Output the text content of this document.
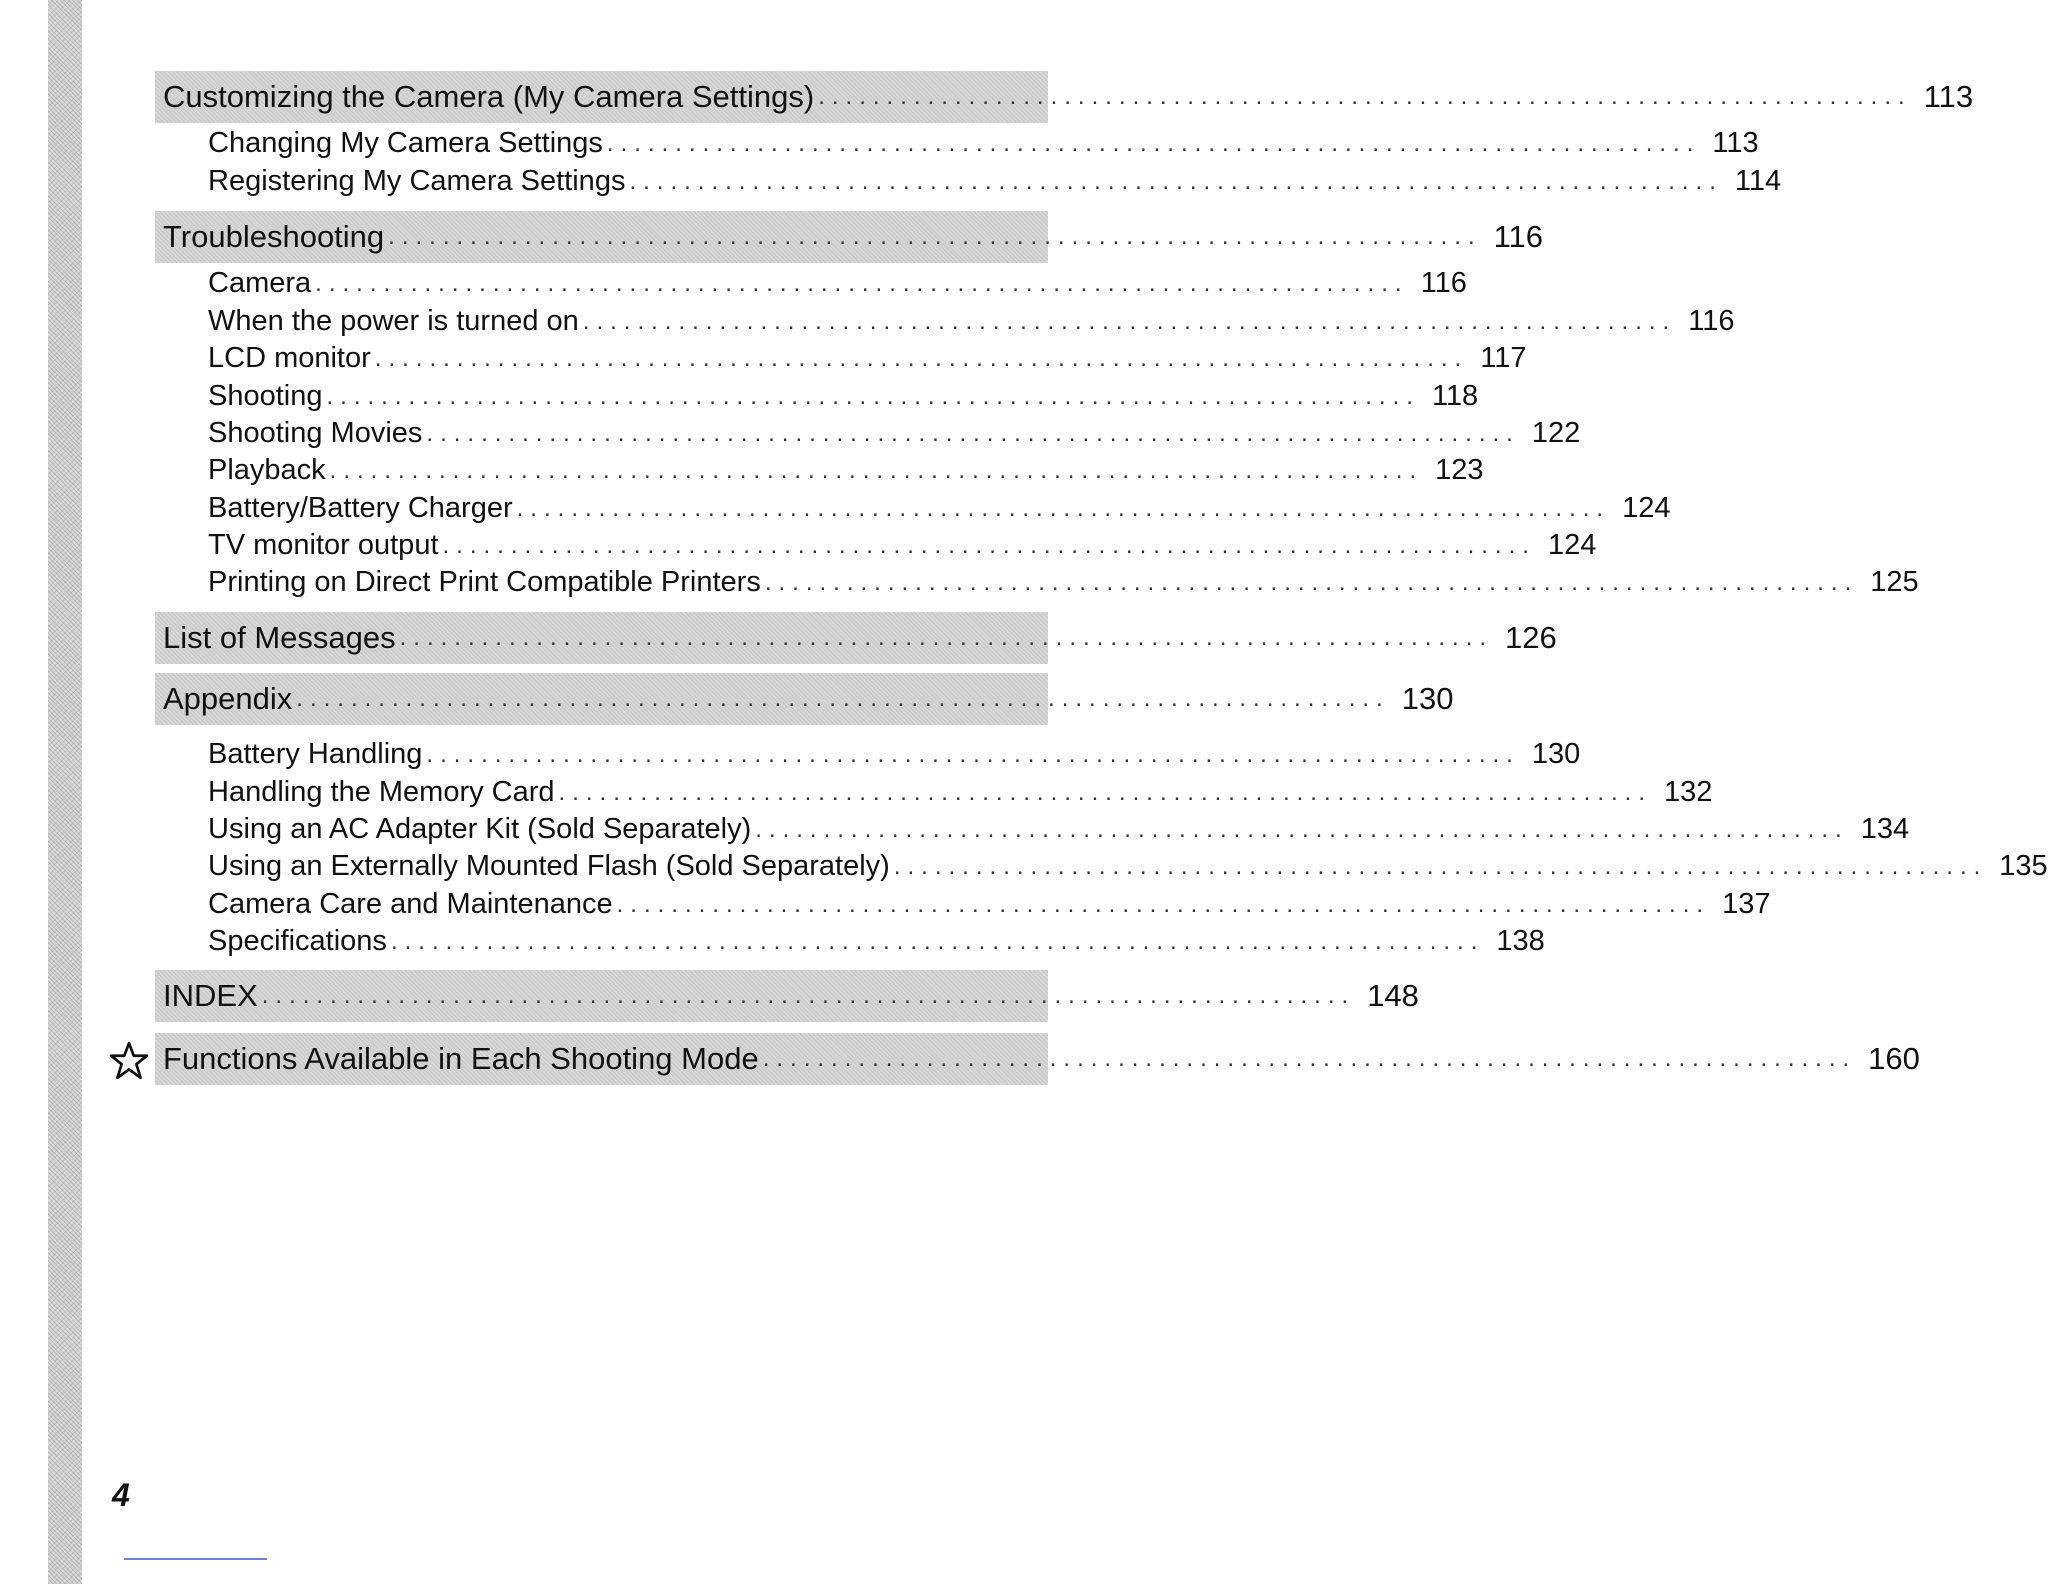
Customizing the Camera (My Camera Settings) ................................................................................ 113
Changing My Camera Settings ................................................................................ 113
Registering My Camera Settings ................................................................................ 114
Troubleshooting ................................................................................ 116
Camera ................................................................................ 116
When the power is turned on ................................................................................ 116
LCD monitor ................................................................................ 117
Shooting ................................................................................ 118
Shooting Movies ................................................................................ 122
Playback ................................................................................ 123
Battery/Battery Charger ................................................................................ 124
TV monitor output ................................................................................ 124
Printing on Direct Print Compatible Printers ................................................................................ 125
List of Messages ................................................................................ 126
Appendix ................................................................................ 130
Battery Handling ................................................................................ 130
Handling the Memory Card ................................................................................ 132
Using an AC Adapter Kit (Sold Separately) ................................................................................ 134
Using an Externally Mounted Flash (Sold Separately) ................................................................................ 135
Camera Care and Maintenance ................................................................................ 137
Specifications ................................................................................ 138
INDEX ................................................................................ 148
Functions Available in Each Shooting Mode ................................................................................ 160
4
